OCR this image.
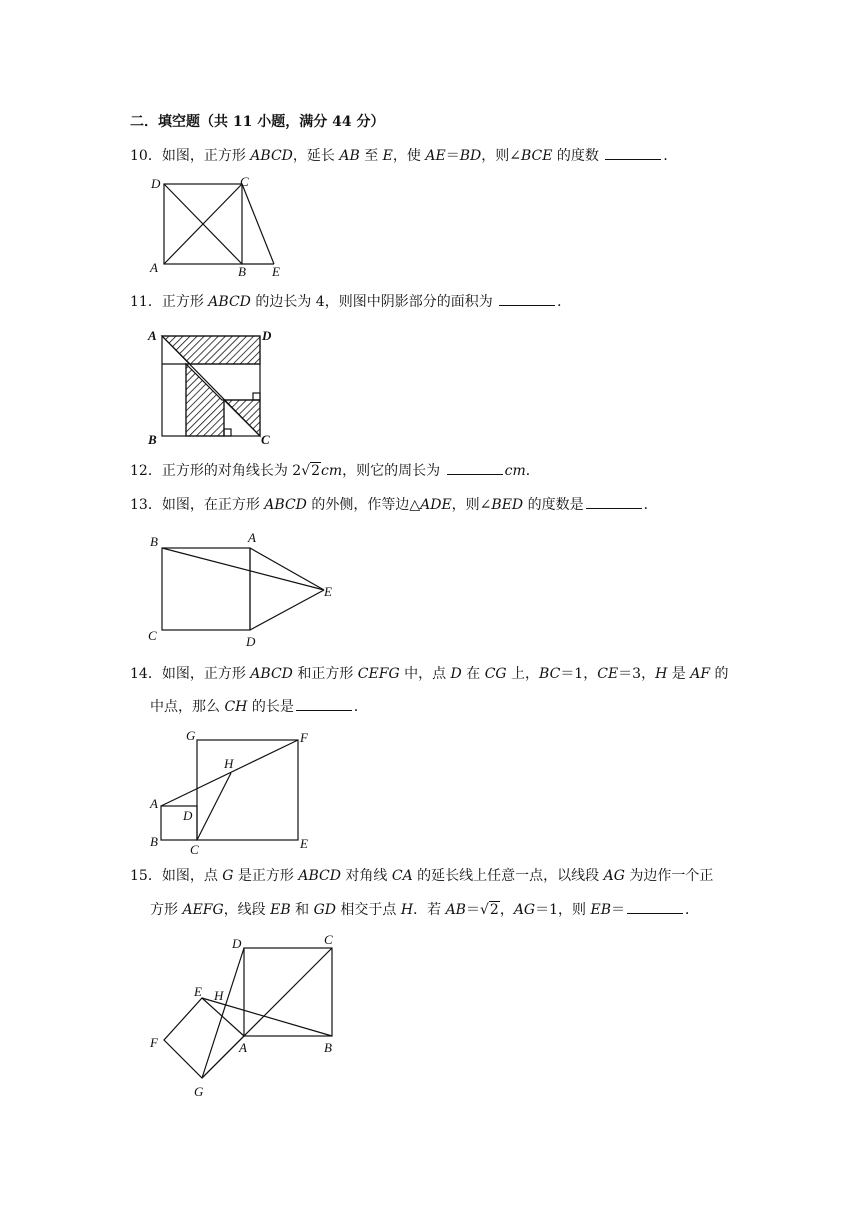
二．填空题（共 11 小题，满分 44 分）
10．如图，正方形 ABCD，延长 AB 至 E，使 AE＝BD，则∠BCE 的度数	．
D	C
A	B E
11．正方形 ABCD 的边长为 4，则图中阴影部分的面积为	．
A	D
B	C
12．正方形的对角线长为 2√2cm，则它的周长为	cm．
13．如图，在正方形 ABCD 的外侧，作等边△ADE，则∠BED 的度数是	．
B	A
E
C	D
14．如图，正方形 ABCD 和正方形 CEFG 中，点 D 在 CG 上，BC＝1，CE＝3，H 是 AF 的
中点，那么 CH 的长是	．
G	F
H
A
D
B
C	E
15．如图，点 G 是正方形 ABCD 对角线 CA 的延长线上任意一点，以线段 AG 为边作一个正
方形 AEFG，线段 EB 和 GD 相交于点 H．若 AB＝√2，AG＝1，则 EB＝	．
D	C
E H
F	A	B
G
